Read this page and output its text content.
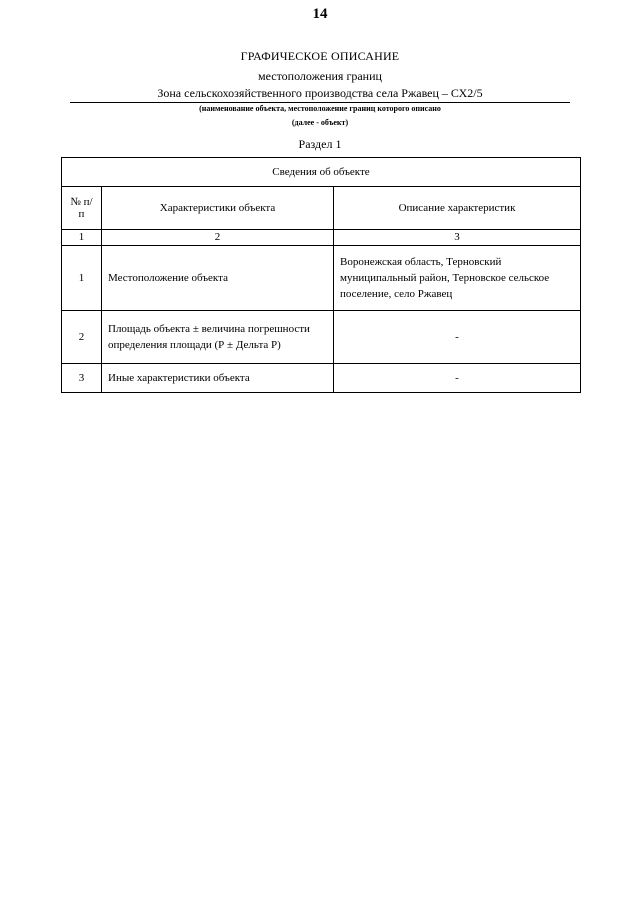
14
ГРАФИЧЕСКОЕ ОПИСАНИЕ
местоположения границ
Зона сельскохозяйственного производства села Ржавец – СХ2/5
(наименование объекта, местоположение границ которого описано
(далее - объект)
Раздел 1
Сведения об объекте		
№ п/п	Характеристики объекта	Описание характеристик
1	2	3
1	Местоположение объекта	Воронежская область, Терновский муниципальный район, Терновское сельское поселение, село Ржавец
2	Площадь объекта ± величина погрешности определения площади (Р ± Дельта Р)	-
3	Иные характеристики объекта	-
